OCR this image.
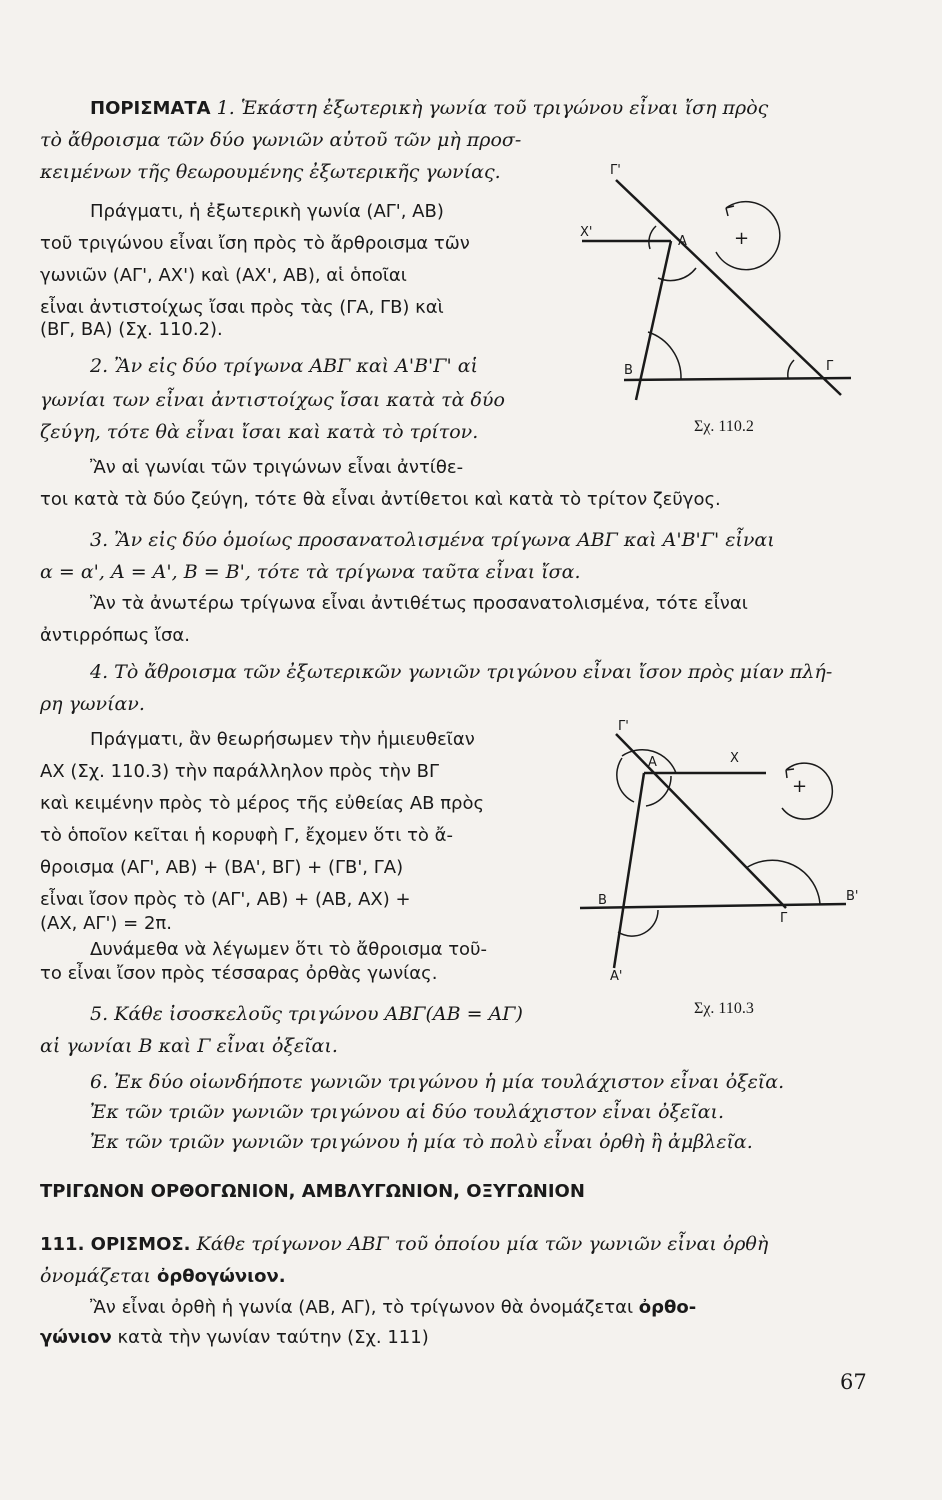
ΠΟΡΙΣΜΑΤΑ 1. Ἑκάστη ἐξωτερικὴ γωνία τοῦ τριγώνου εἶναι ἴση πρὸς
τὸ ἄθροισμα τῶν δύο γωνιῶν αὐτοῦ τῶν μὴ προσ-
κειμένων τῆς θεωρουμένης ἐξωτερικῆς γωνίας.
Πράγματι, ἡ ἐξωτερικὴ γωνία (ΑΓ', ΑΒ)
τοῦ τριγώνου εἶναι ἴση πρὸς τὸ ἄρθροισμα τῶν
γωνιῶν (ΑΓ', ΑΧ') καὶ (ΑΧ', ΑΒ), αἱ ὁποῖαι
εἶναι ἀντιστοίχως ἴσαι πρὸς τὰς (ΓΑ, ΓΒ) καὶ
(ΒΓ, ΒΑ) (Σχ. 110.2).
2. Ἂν εἰς δύο τρίγωνα ΑΒΓ καὶ Α'Β'Γ' αἱ
γωνίαι των εἶναι ἀντιστοίχως ἴσαι κατὰ τὰ δύο
ζεύγη, τότε θὰ εἶναι ἴσαι καὶ κατὰ τὸ τρίτον.
Ἂν αἱ γωνίαι τῶν τριγώνων εἶναι ἀντίθε-
τοι κατὰ τὰ δύο ζεύγη, τότε θὰ εἶναι ἀντίθετοι καὶ κατὰ τὸ τρίτον ζεῦγος.
3. Ἂν εἰς δύο ὁμοίως προσανατολισμένα τρίγωνα ΑΒΓ καὶ Α'Β'Γ' εἶναι
α = α', Α = Α', Β = Β', τότε τὰ τρίγωνα ταῦτα εἶναι ἴσα.
Ἂν τὰ ἀνωτέρω τρίγωνα εἶναι ἀντιθέτως προσανατολισμένα, τότε εἶναι
ἀντιρρόπως ἴσα.
4. Τὸ ἄθροισμα τῶν ἐξωτερικῶν γωνιῶν τριγώνου εἶναι ἴσον πρὸς μίαν πλή-
ρη γωνίαν.
Πράγματι, ἂν θεωρήσωμεν τὴν ἡμιευθεῖαν
ΑΧ (Σχ. 110.3) τὴν παράλληλον πρὸς τὴν ΒΓ
καὶ κειμένην πρὸς τὸ μέρος τῆς εὐθείας ΑΒ πρὸς
τὸ ὁποῖον κεῖται ἡ κορυφὴ Γ, ἔχομεν ὅτι τὸ ἄ-
θροισμα (ΑΓ', ΑΒ) + (ΒΑ', ΒΓ) + (ΓΒ', ΓΑ)
εἶναι ἴσον πρὸς τὸ (ΑΓ', ΑΒ) + (ΑΒ, ΑΧ) +
(ΑΧ, ΑΓ') = 2π.
Δυνάμεθα νὰ λέγωμεν ὅτι τὸ ἄθροισμα τοῦ-
το εἶναι ἴσον πρὸς τέσσαρας ὀρθὰς γωνίας.
5. Κάθε ἰσοσκελοῦς τριγώνου ΑΒΓ(ΑΒ = ΑΓ)
αἱ γωνίαι Β καὶ Γ εἶναι ὀξεῖαι.
6. Ἐκ δύο οἱωνδήποτε γωνιῶν τριγώνου ἡ μία τουλάχιστον εἶναι ὀξεῖα.
Ἐκ τῶν τριῶν γωνιῶν τριγώνου αἱ δύο τουλάχιστον εἶναι ὀξεῖαι.
Ἐκ τῶν τριῶν γωνιῶν τριγώνου ἡ μία τὸ πολὺ εἶναι ὀρθὴ ἢ ἀμβλεῖα.
ΤΡΙΓΩΝΟΝ ΟΡΘΟΓΩΝΙΟΝ, ΑΜΒΛΥΓΩΝΙΟΝ, ΟΞΥΓΩΝΙΟΝ
111. ΟΡΙΣΜΟΣ. Κάθε τρίγωνον ΑΒΓ τοῦ ὁποίου μία τῶν γωνιῶν εἶναι ὀρθὴ
ὀνομάζεται ὀρθογώνιον.
Ἂν εἶναι ὀρθὴ ἡ γωνία (ΑΒ, ΑΓ), τὸ τρίγωνον θὰ ὀνομάζεται ὀρθο-
γώνιον κατὰ τὴν γωνίαν ταύτην (Σχ. 111)
Γ'
Χ'
Α	+
Β	Γ
Σχ. 110.2
Γ'
Α	Χ
+
Β	Β'
Γ
Α'
Σχ. 110.3
67
